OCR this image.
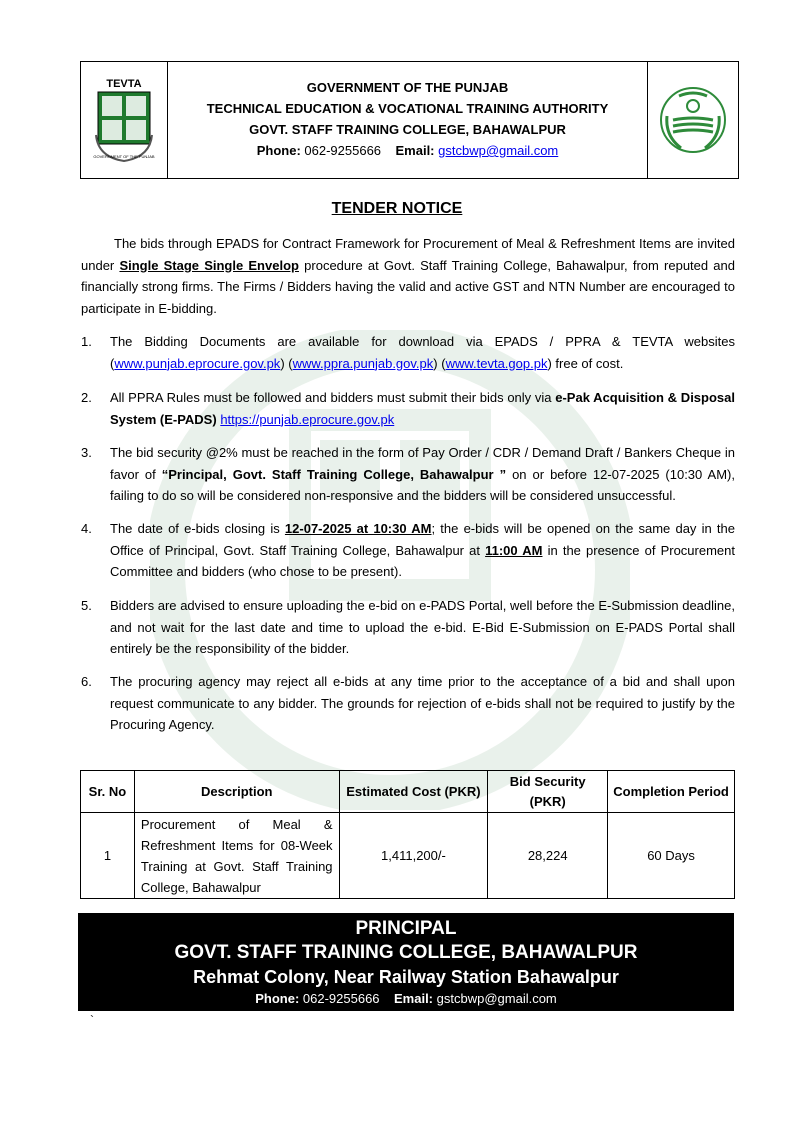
TEVTA
GOVERNMENT OF THE PUNJAB
GOVERNMENT OF THE PUNJAB
TECHNICAL EDUCATION & VOCATIONAL TRAINING AUTHORITY
GOVT. STAFF TRAINING COLLEGE, BAHAWALPUR
Phone: 062-9255666 Email: gstcbwp@gmail.com
TENDER NOTICE
The bids through EPADS for Contract Framework for Procurement of Meal & Refreshment Items are invited under Single Stage Single Envelop procedure at Govt. Staff Training College, Bahawalpur, from reputed and financially strong firms. The Firms / Bidders having the valid and active GST and NTN Number are encouraged to participate in E-bidding.
1.	The Bidding Documents are available for download via EPADS / PPRA & TEVTA websites (www.punjab.eprocure.gov.pk) (www.ppra.punjab.gov.pk) (www.tevta.gop.pk) free of cost.
2.	All PPRA Rules must be followed and bidders must submit their bids only via e-Pak Acquisition & Disposal System (E-PADS) https://punjab.eprocure.gov.pk
3.	The bid security @2% must be reached in the form of Pay Order / CDR / Demand Draft / Bankers Cheque in favor of “Principal, Govt. Staff Training College, Bahawalpur ” on or before 12-07-2025 (10:30 AM), failing to do so will be considered non-responsive and the bidders will be considered unsuccessful.
4.	The date of e-bids closing is 12-07-2025 at 10:30 AM; the e-bids will be opened on the same day in the Office of Principal, Govt. Staff Training College, Bahawalpur at 11:00 AM in the presence of Procurement Committee and bidders (who chose to be present).
5.	Bidders are advised to ensure uploading the e-bid on e-PADS Portal, well before the E-Submission deadline, and not wait for the last date and time to upload the e-bid. E-Bid E-Submission on E-PADS Portal shall entirely be the responsibility of the bidder.
6.	The procuring agency may reject all e-bids at any time prior to the acceptance of a bid and shall upon request communicate to any bidder. The grounds for rejection of e-bids shall not be required to justify by the Procuring Agency.
Sr. No	Description	Estimated Cost (PKR)	Bid Security (PKR)	Completion Period
1	Procurement of Meal & Refreshment Items for 08-Week Training at Govt. Staff Training College, Bahawalpur	1,411,200/-	28,224	60 Days
PRINCIPAL
GOVT. STAFF TRAINING COLLEGE, BAHAWALPUR
Rehmat Colony, Near Railway Station Bahawalpur
Phone: 062-9255666 Email: gstcbwp@gmail.com
`
